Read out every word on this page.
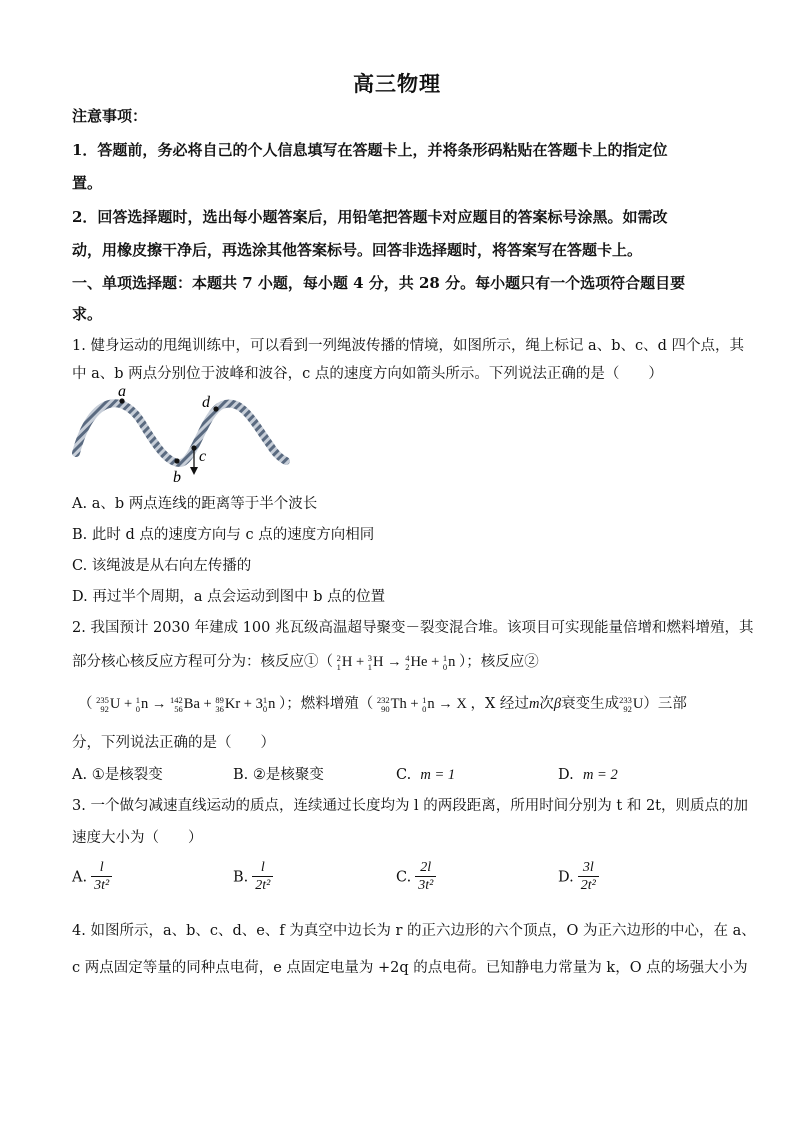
高三物理
注意事项：
1．答题前，务必将自己的个人信息填写在答题卡上，并将条形码粘贴在答题卡上的指定位
置。
2．回答选择题时，选出每小题答案后，用铅笔把答题卡对应题目的答案标号涂黑。如需改
动，用橡皮擦干净后，再选涂其他答案标号。回答非选择题时，将答案写在答题卡上。
一、单项选择题：本题共 7 小题，每小题 4 分，共 28 分。每小题只有一个选项符合题目要
求。
1. 健身运动的甩绳训练中，可以看到一列绳波传播的情境，如图所示，绳上标记 a、b、c、d 四个点，其
中 a、b 两点分别位于波峰和波谷，c 点的速度方向如箭头所示。下列说法正确的是（　　）
a
b
c
d
A. a、b 两点连线的距离等于半个波长
B. 此时 d 点的速度方向与 c 点的速度方向相同
C. 该绳波是从右向左传播的
D. 再过半个周期，a 点会运动到图中 b 点的位置
2. 我国预计 2030 年建成 100 兆瓦级高温超导聚变－裂变混合堆。该项目可实现能量倍增和燃料增殖，其
部分核心核反应方程可分为：核反应①（ 2
1 H + 3
1 H → 4
2 He + 1
0 n ）；核反应②
（ 235
92 U + 1
0 n → 142
56 Ba + 89
36 Kr + 3 1
0 n ）；燃料增殖（ 232
90 Th + 1
0 n → X ，X 经过m次β衰变生成 233
92 U）三部
分，下列说法正确的是（　　）
A. ①是核裂变	B. ②是核聚变	C. m = 1	D. m = 2
3. 一个做匀减速直线运动的质点，连续通过长度均为 l 的两段距离，所用时间分别为 t 和 2t，则质点的加
速度大小为（　　）
A. $\frac{l}{\text{3t²}}$	B. $\frac{l}{\text{2t²}}$	C. $\frac{2l}{\text{3t²}}$	D. $\frac{3l}{\text{2t²}}$
4. 如图所示，a、b、c、d、e、f 为真空中边长为 r 的正六边形的六个顶点，O 为正六边形的中心，在 a、
c 两点固定等量的同种点电荷，e 点固定电量为 +2q 的点电荷。已知静电力常量为 k，O 点的场强大小为
